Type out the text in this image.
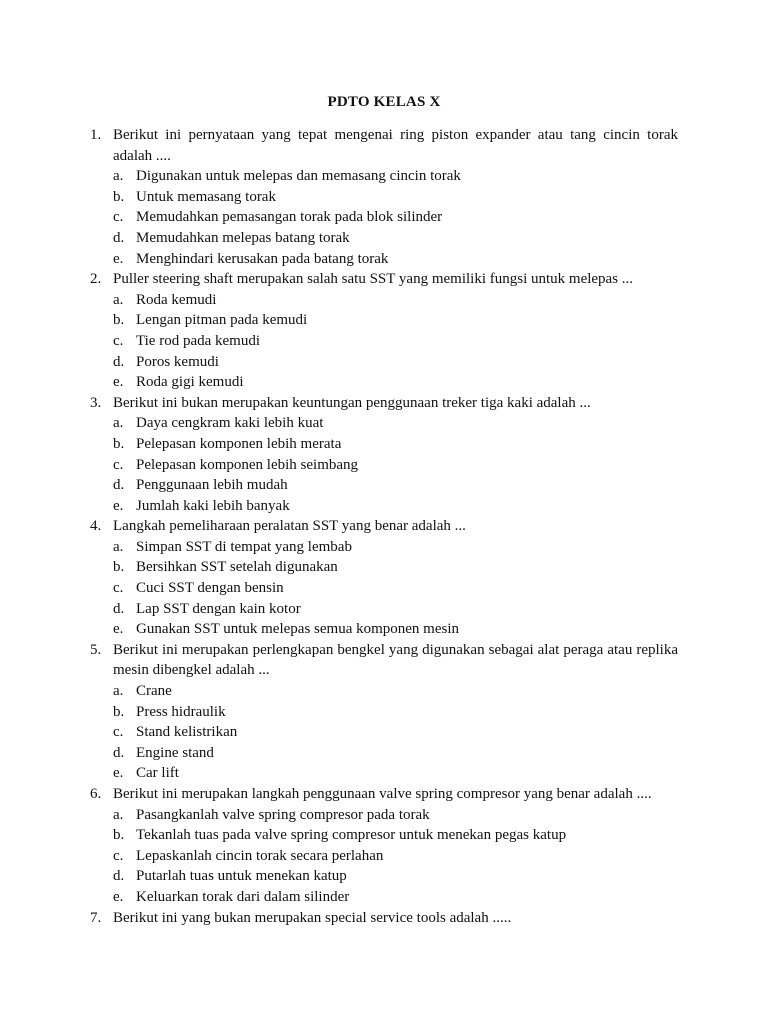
PDTO KELAS X
1. Berikut ini pernyataan yang tepat mengenai ring piston expander atau tang cincin torak adalah ....
a. Digunakan untuk melepas dan memasang cincin torak
b. Untuk memasang torak
c. Memudahkan pemasangan torak pada blok silinder
d. Memudahkan melepas batang torak
e. Menghindari kerusakan pada batang torak
2. Puller steering shaft merupakan salah satu SST yang memiliki fungsi untuk melepas ...
a. Roda kemudi
b. Lengan pitman pada kemudi
c. Tie rod pada kemudi
d. Poros kemudi
e. Roda gigi kemudi
3. Berikut ini bukan merupakan keuntungan penggunaan treker tiga kaki adalah ...
a. Daya cengkram kaki lebih kuat
b. Pelepasan komponen lebih merata
c. Pelepasan komponen lebih seimbang
d. Penggunaan lebih mudah
e. Jumlah kaki lebih banyak
4. Langkah pemeliharaan peralatan SST yang benar adalah ...
a. Simpan SST di tempat yang lembab
b. Bersihkan SST setelah digunakan
c. Cuci SST dengan bensin
d. Lap SST dengan kain kotor
e. Gunakan SST untuk melepas semua komponen mesin
5. Berikut ini merupakan perlengkapan bengkel yang digunakan sebagai alat peraga atau replika mesin dibengkel adalah ...
a. Crane
b. Press hidraulik
c. Stand kelistrikan
d. Engine stand
e. Car lift
6. Berikut ini merupakan langkah penggunaan valve spring compresor yang benar adalah ....
a. Pasangkanlah valve spring compresor pada torak
b. Tekanlah tuas pada valve spring compresor untuk menekan pegas katup
c. Lepaskanlah cincin torak secara perlahan
d. Putarlah tuas untuk menekan katup
e. Keluarkan torak dari dalam silinder
7. Berikut ini yang bukan merupakan special service tools adalah .....
